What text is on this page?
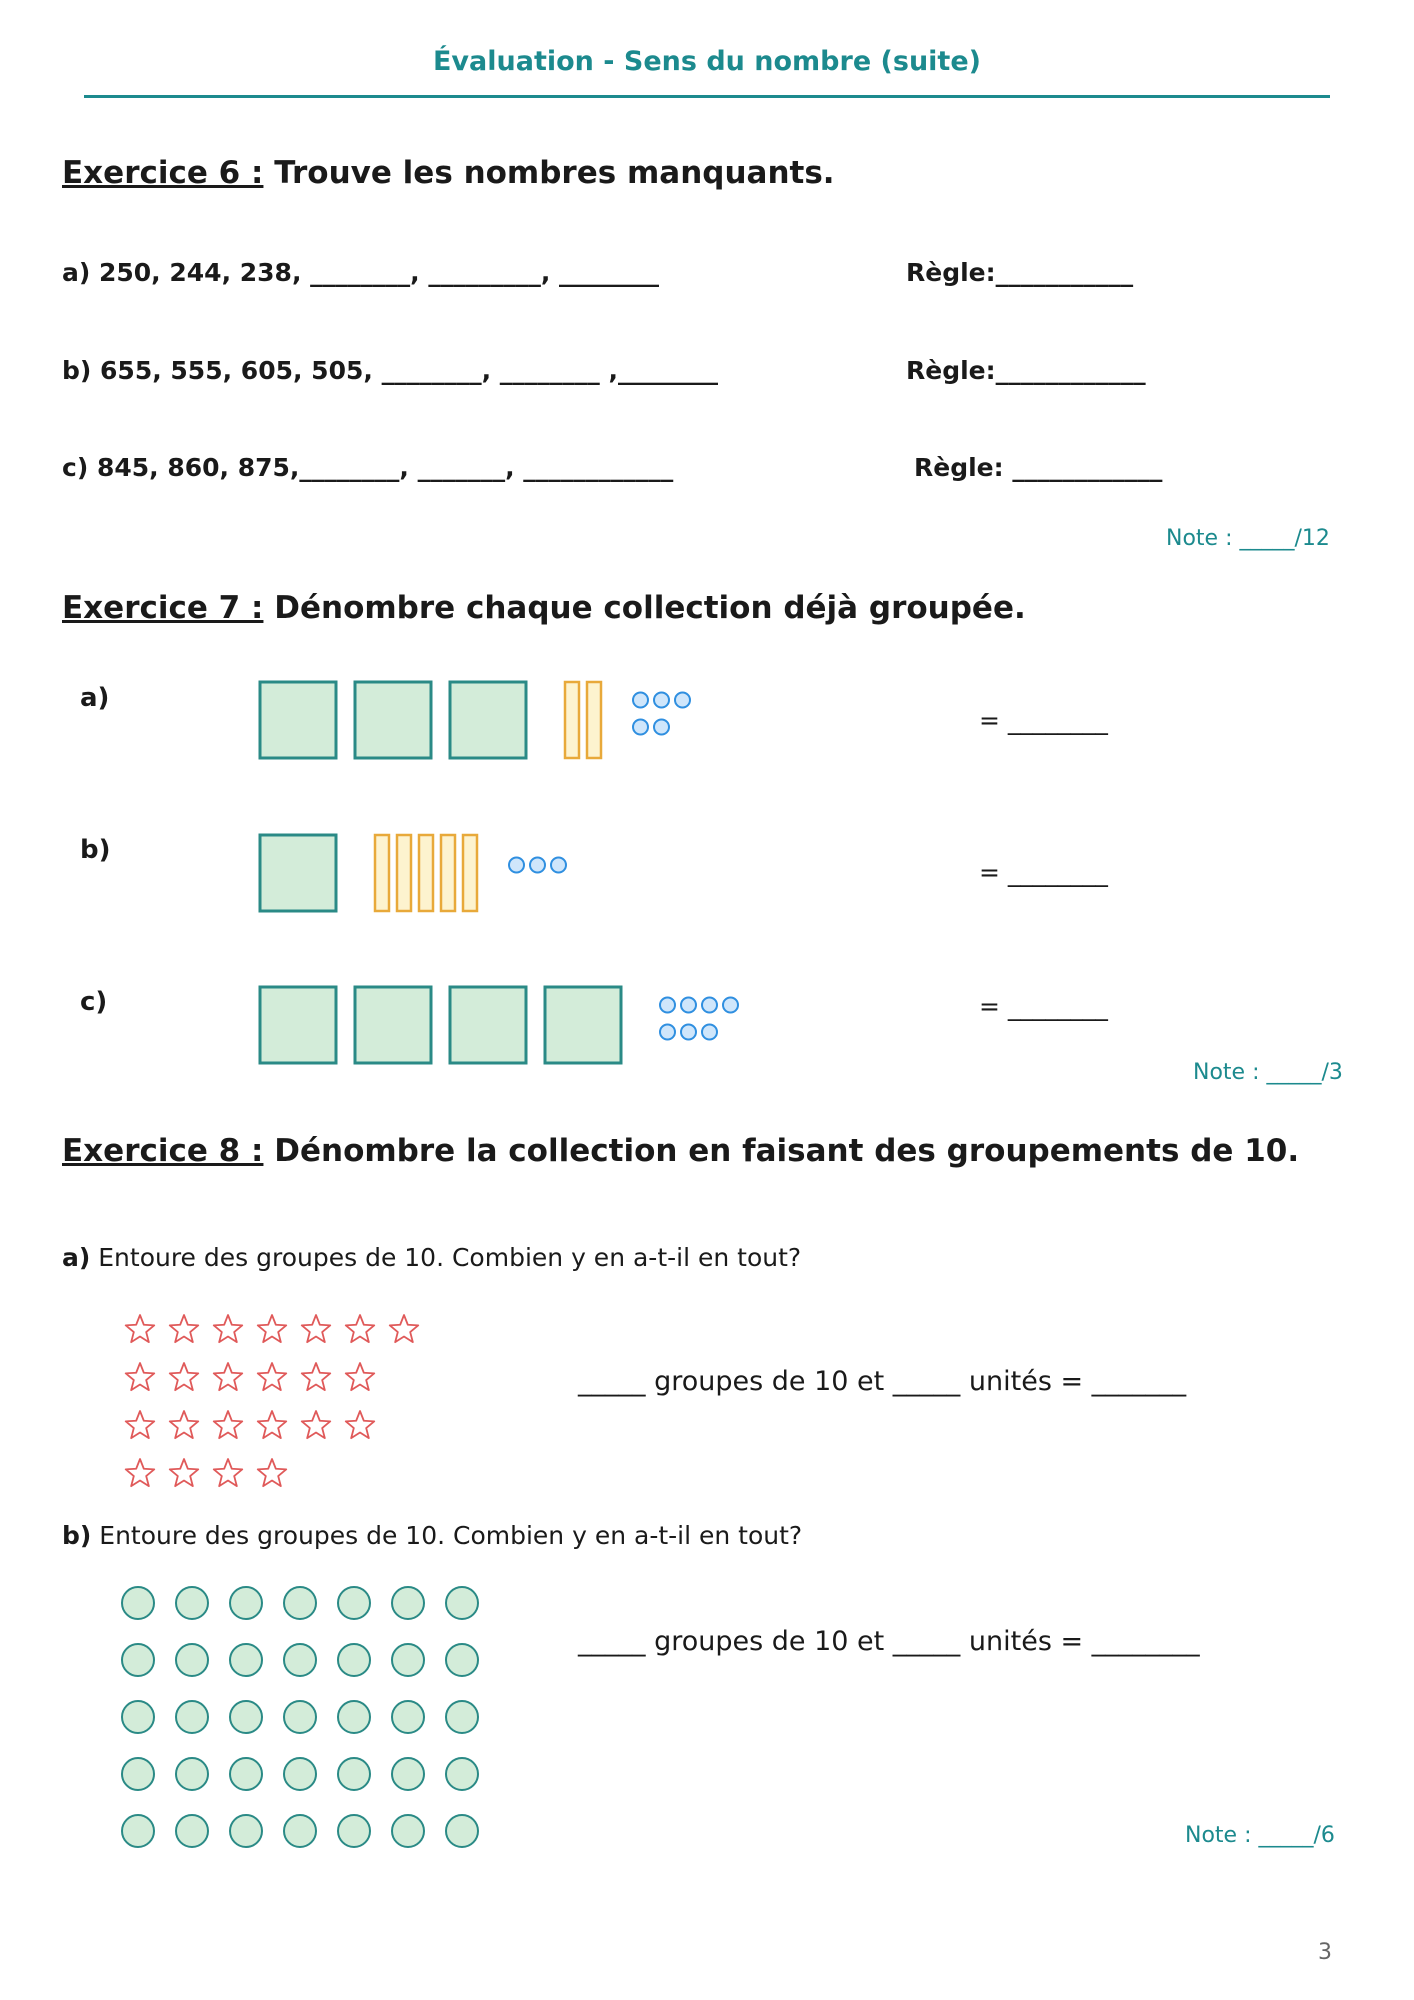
Évaluation - Sens du nombre (suite)
Exercice 6 : Trouve les nombres manquants.
a) 250, 244, 238, ________, _________, ________	Règle:___________
b) 655, 555, 605, 505, ________, ________ ,________	Règle:____________
c) 845, 860, 875,________, _______, ____________	Règle: ____________
Note : _____/12
Exercice 7 : Dénombre chaque collection déjà groupée.
a)
= ________
b)
= ________
c)	= ________
Note : _____/3
Exercice 8 : Dénombre la collection en faisant des groupements de 10.
a) Entoure des groupes de 10. Combien y en a-t-il en tout?
_____ groupes de 10 et _____ unités = _______
b) Entoure des groupes de 10. Combien y en a-t-il en tout?
_____ groupes de 10 et _____ unités = ________
Note : _____/6
3
